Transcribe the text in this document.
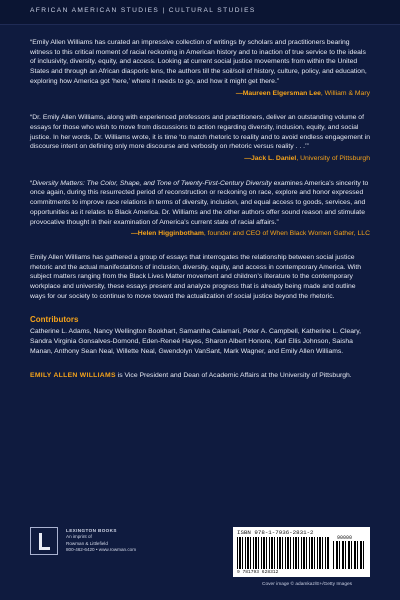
AFRICAN AMERICAN STUDIES | CULTURAL STUDIES

“Emily Allen Williams has curated an impressive collection of writings by scholars and practitioners bearing witness to this critical moment of racial reckoning in American history and to inaction of true service to the ideals of inclusivity, diversity, equity, and access. Looking at current social justice movements from within the United States and through an African diasporic lens, the authors till the soil/soil of history, culture, policy, and education, exploring how America got ‘here,’ where it needs to go, and how it might get there.”

—Maureen Elgersman Lee, William & Mary

“Dr. Emily Allen Williams, along with experienced professors and practitioners, deliver an outstanding volume of essays for those who wish to move from discussions to action regarding diversity, inclusion, equity, and social justice. In her words, Dr. Williams wrote, it is time ‘to match rhetoric to reality and to avoid endless engagement in discourse intent on defining only more discourse and verbosity on rhetoric versus reality . . .’”

—Jack L. Daniel, University of Pittsburgh

“Diversity Matters: The Color, Shape, and Tone of Twenty-First-Century Diversity examines America’s sincerity to once again, during this resurrected period of reconstruction or reckoning on race, explore and honor expressed commitments to improve race relations in terms of diversity, inclusion, and equal access to goods, services, and opportunities as it relates to Black America. Dr. Williams and the other authors offer sound reason and stimulate provocative thought in their examination of America’s current state of racial affairs.”

—Helen Higginbotham, founder and CEO of When Black Women Gather, LLC

Emily Allen Williams has gathered a group of essays that interrogates the relationship between social justice rhetoric and the actual manifestations of inclusion, diversity, equity, and access in contemporary America. With subject matters ranging from the Black Lives Matter movement and children’s literature to the contemporary workplace and university, these essays present and analyze progress that is already being made and outline ways for our society to continue to move toward the actualization of social justice beyond the rhetoric.

Contributors

Catherine L. Adams, Nancy Wellington Bookhart, Samantha Calamari, Peter A. Campbell, Katherine L. Cleary, Sandra Virginia Gonsalves-Domond, Eden-Reneé Hayes, Sharon Albert Honore, Karl Ellis Johnson, Saisha Manan, Anthony Sean Neal, Willette Neal, Gwendolyn VanSant, Mark Wagner, and Emily Allen Williams.

EMILY ALLEN WILLIAMS is Vice President and Dean of Academic Affairs at the University of Pittsburgh.

LEXINGTON BOOKS
An imprint of
Rowman & Littlefield
800-462-6420 • www.rowman.com
ISBN 978-1-7936-2831-2
90000
9 781793 628312
Cover image © adamkaz/E+/Getty Images
